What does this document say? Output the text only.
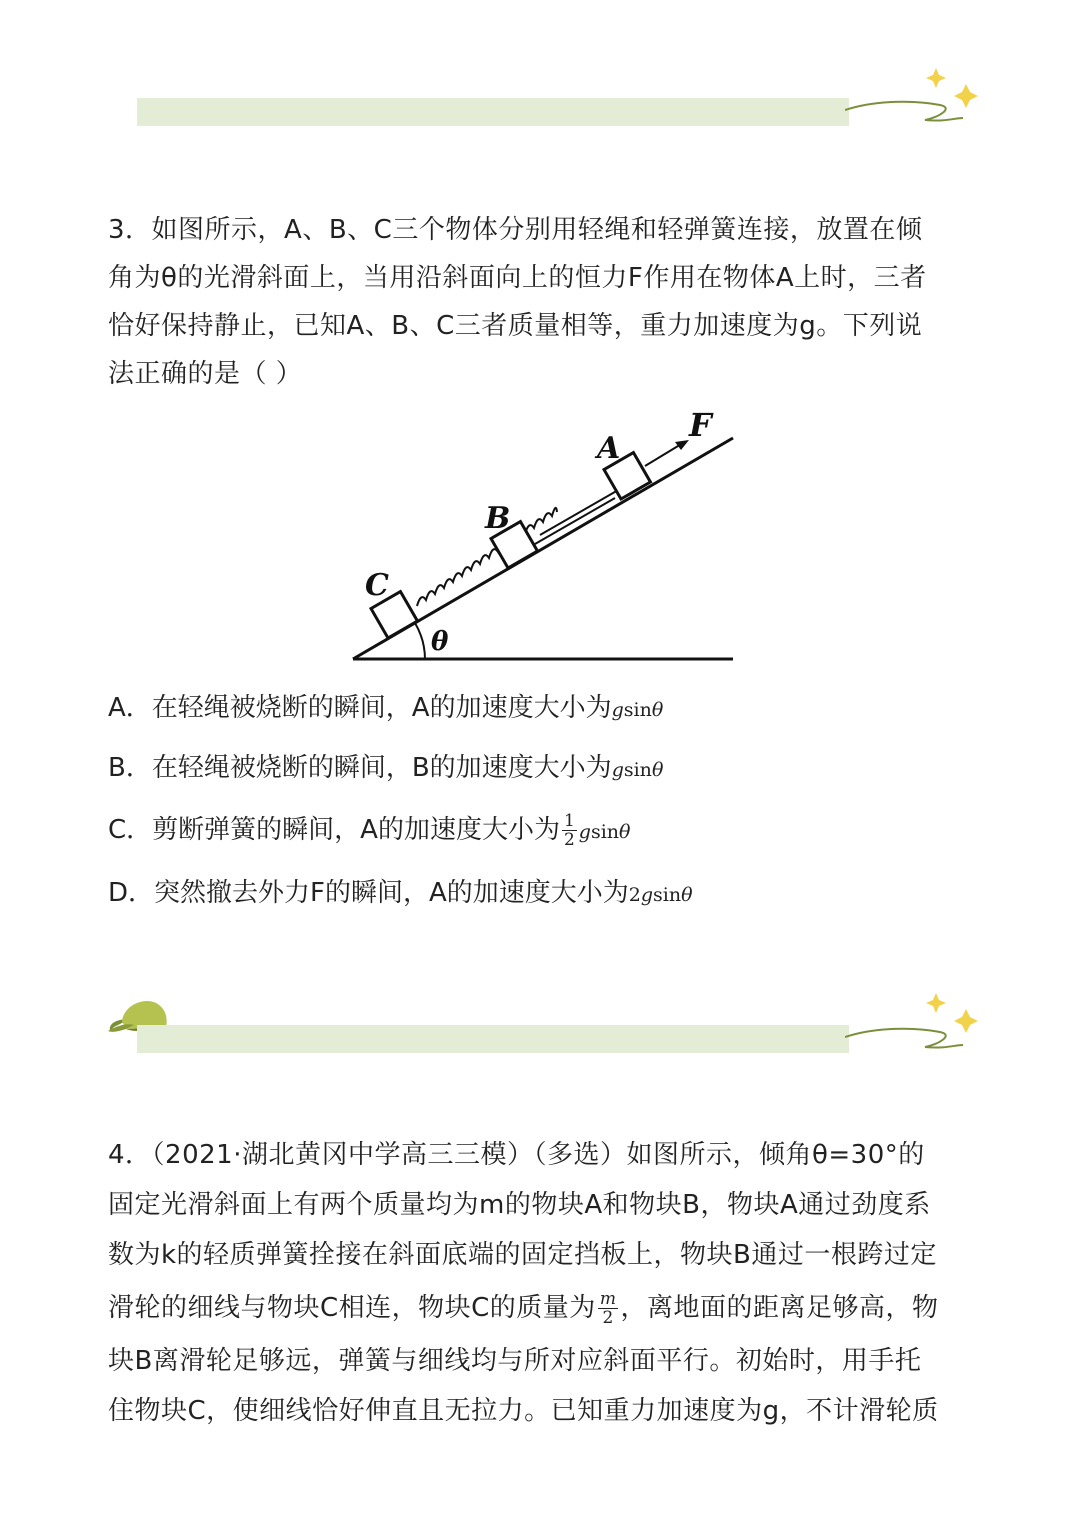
3．如图所示，A、B、C三个物体分别用轻绳和轻弹簧连接，放置在倾
角为θ的光滑斜面上，当用沿斜面向上的恒力F作用在物体A上时，三者
恰好保持静止，已知A、B、C三者质量相等，重力加速度为g。下列说
法正确的是（ ）
θ
C
B
A
F
A．在轻绳被烧断的瞬间，A的加速度大小为gsinθ
B．在轻绳被烧断的瞬间，B的加速度大小为gsinθ
C．剪断弹簧的瞬间，A的加速度大小为 $\frac{1}{2}$ gsinθ
D．突然撤去外力F的瞬间，A的加速度大小为2gsinθ
4．（2021·湖北黄冈中学高三三模）（多选）如图所示，倾角θ=30°的
固定光滑斜面上有两个质量均为m的物块A和物块B，物块A通过劲度系
数为k的轻质弹簧拴接在斜面底端的固定挡板上，物块B通过一根跨过定
滑轮的细线与物块C相连，物块C的质量为 $\frac{m}{2}$ ，离地面的距离足够高，物
块B离滑轮足够远，弹簧与细线均与所对应斜面平行。初始时，用手托
住物块C，使细线恰好伸直且无拉力。已知重力加速度为g，不计滑轮质
